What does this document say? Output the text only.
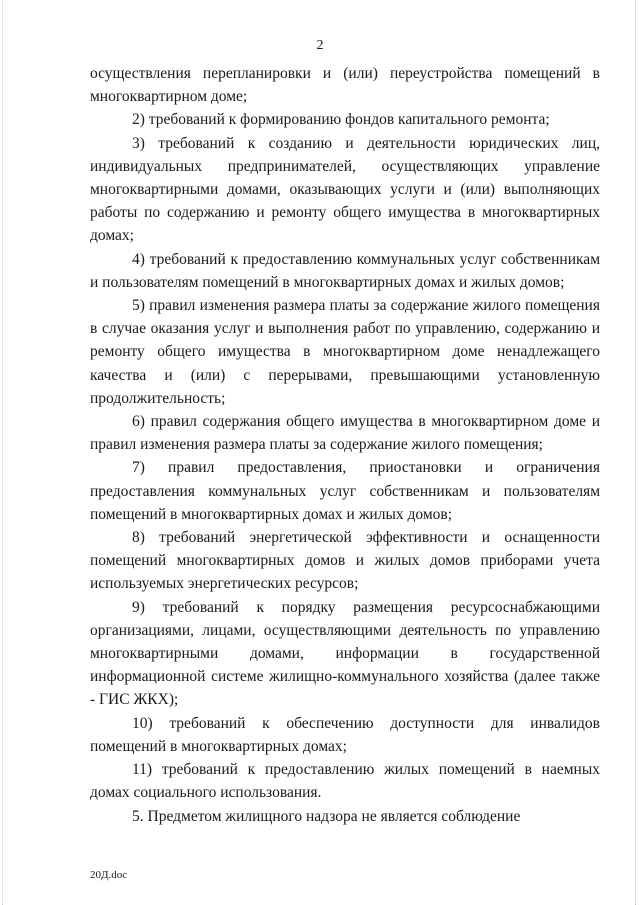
2

осуществления перепланировки и (или) переустройства помещений в многоквартирном доме;

2) требований к формированию фондов капитального ремонта;

3) требований к созданию и деятельности юридических лиц, индивидуальных предпринимателей, осуществляющих управление многоквартирными домами, оказывающих услуги и (или) выполняющих работы по содержанию и ремонту общего имущества в многоквартирных домах;

4) требований к предоставлению коммунальных услуг собственникам и пользователям помещений в многоквартирных домах и жилых домов;

5) правил изменения размера платы за содержание жилого помещения в случае оказания услуг и выполнения работ по управлению, содержанию и ремонту общего имущества в многоквартирном доме ненадлежащего качества и (или) с перерывами, превышающими установленную продолжительность;

6) правил содержания общего имущества в многоквартирном доме и правил изменения размера платы за содержание жилого помещения;

7) правил предоставления, приостановки и ограничения предоставления коммунальных услуг собственникам и пользователям помещений в многоквартирных домах и жилых домов;

8) требований энергетической эффективности и оснащенности помещений многоквартирных домов и жилых домов приборами учета используемых энергетических ресурсов;

9) требований к порядку размещения ресурсоснабжающими организациями, лицами, осуществляющими деятельность по управлению многоквартирными домами, информации в государственной информационной системе жилищно-коммунального хозяйства (далее также - ГИС ЖКХ);

10) требований к обеспечению доступности для инвалидов помещений в многоквартирных домах;

11) требований к предоставлению жилых помещений в наемных домах социального использования.

5. Предметом жилищного надзора не является соблюдение

20Д.doc
